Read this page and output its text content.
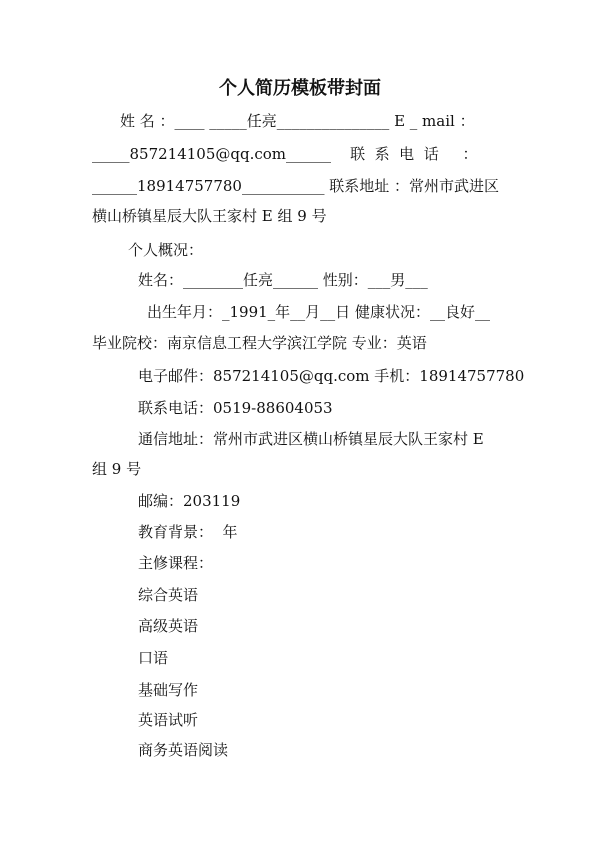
个人简历模板带封面
姓 名 ：____ _____任亮_______________ E _ mail ：
_____857214105@qq.com______    联  系  电  话     ：
______18914757780___________ 联系地址 ：常州市武进区
横山桥镇星辰大队王家村 E 组 9 号
个人概况：
姓名：________任亮______ 性别：___男___
出生年月：_1991_年__月__日 健康状况：__良好__
毕业院校：南京信息工程大学滨江学院 专业：英语
电子邮件：857214105@qq.com 手机：18914757780
联系电话：0519-88604053
通信地址：常州市武进区横山桥镇星辰大队王家村 E
组 9 号
邮编：203119
教育背景：  年
主修课程：
综合英语
高级英语
口语
基础写作
英语试听
商务英语阅读
